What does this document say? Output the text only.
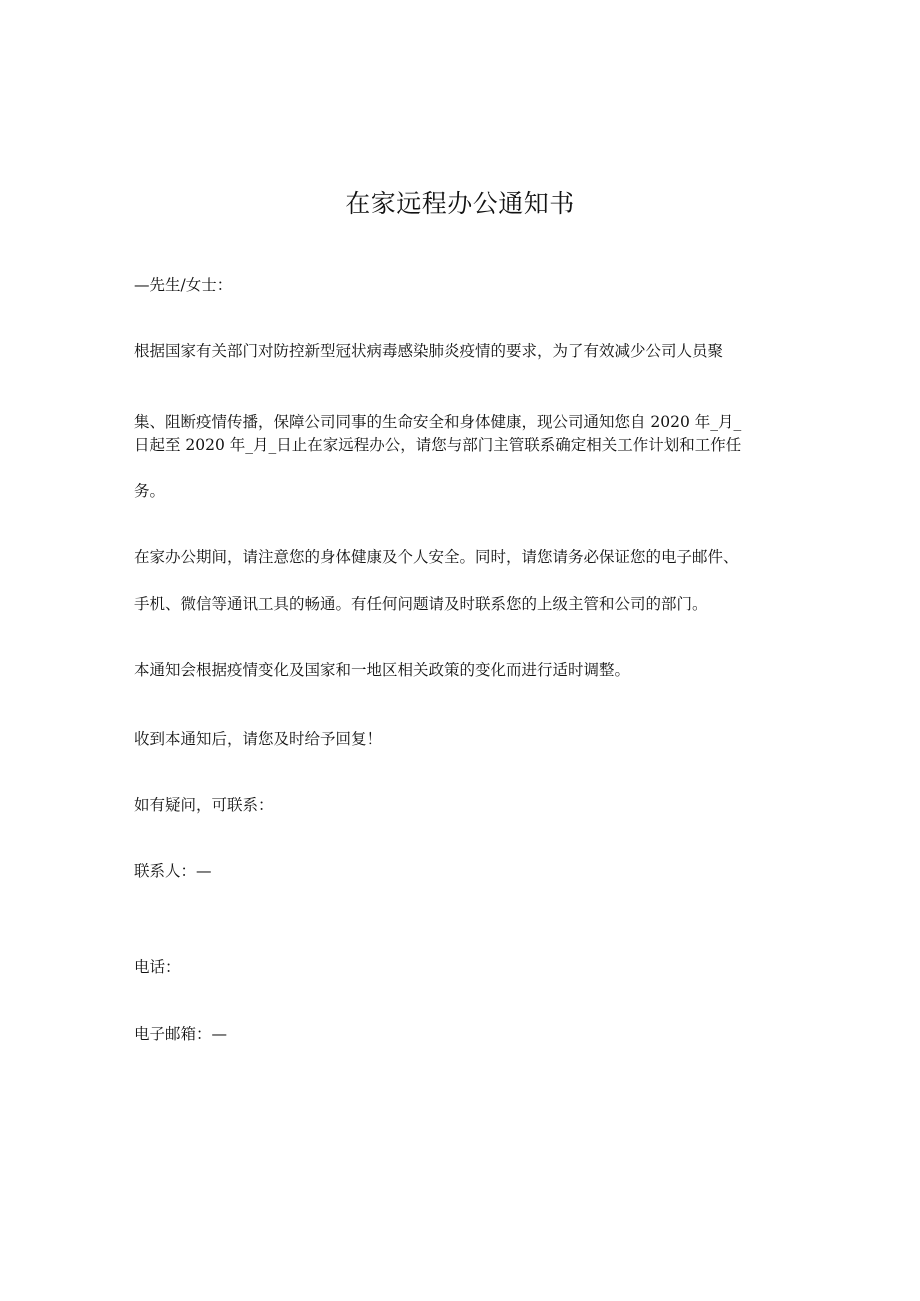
在家远程办公通知书

—先生/女士：

根据国家有关部门对防控新型冠状病毒感染肺炎疫情的要求，为了有效减少公司人员聚

集、阻断疫情传播，保障公司同事的生命安全和身体健康，现公司通知您自 2020 年_月_

日起至 2020 年_月_日止在家远程办公，请您与部门主管联系确定相关工作计划和工作任

务。

在家办公期间，请注意您的身体健康及个人安全。同时，请您请务必保证您的电子邮件、

手机、微信等通讯工具的畅通。有任何问题请及时联系您的上级主管和公司的部门。

本通知会根据疫情变化及国家和一地区相关政策的变化而进行适时调整。

收到本通知后，请您及时给予回复！

如有疑问，可联系：

联系人：—

电话：

电子邮箱：—
